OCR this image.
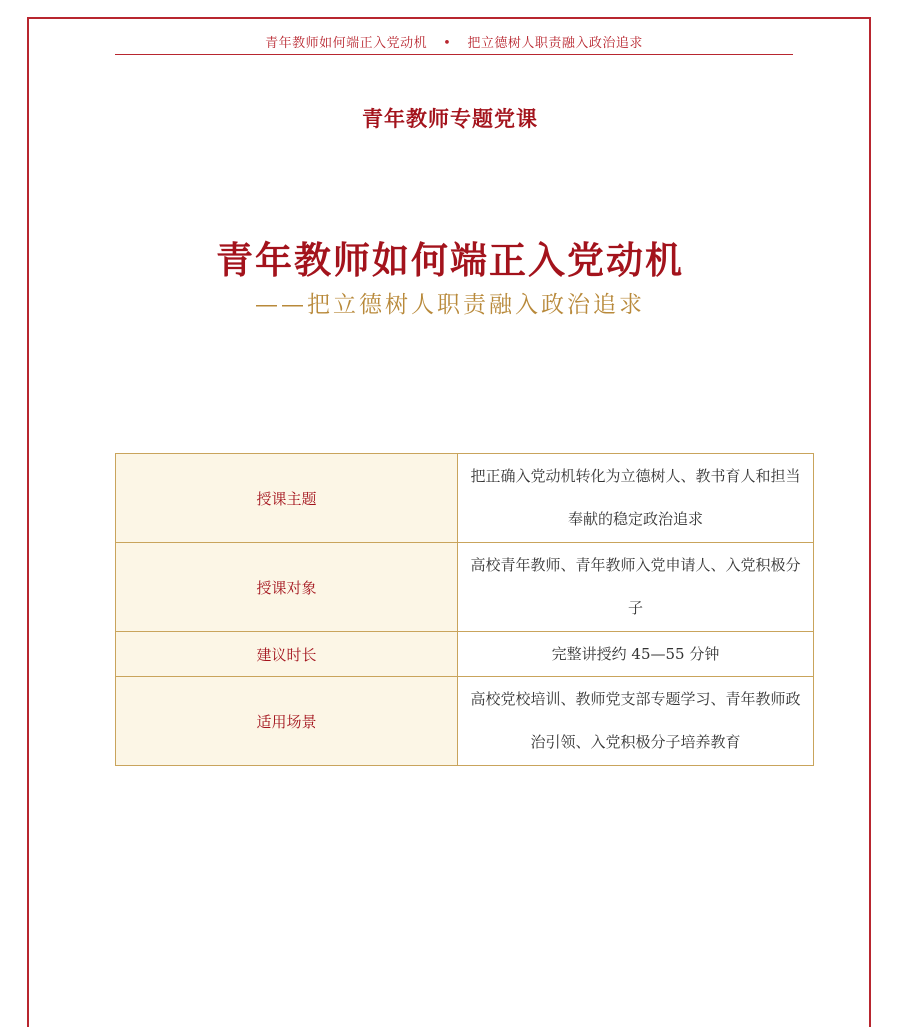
青年教师如何端正入党动机 • 把立德树人职责融入政治追求
青年教师专题党课
青年教师如何端正入党动机
——把立德树人职责融入政治追求
授课主题	把正确入党动机转化为立德树人、教书育人和担当奉献的稳定政治追求
授课对象	高校青年教师、青年教师入党申请人、入党积极分子
建议时长	完整讲授约 45—55 分钟
适用场景	高校党校培训、教师党支部专题学习、青年教师政治引领、入党积极分子培养教育
